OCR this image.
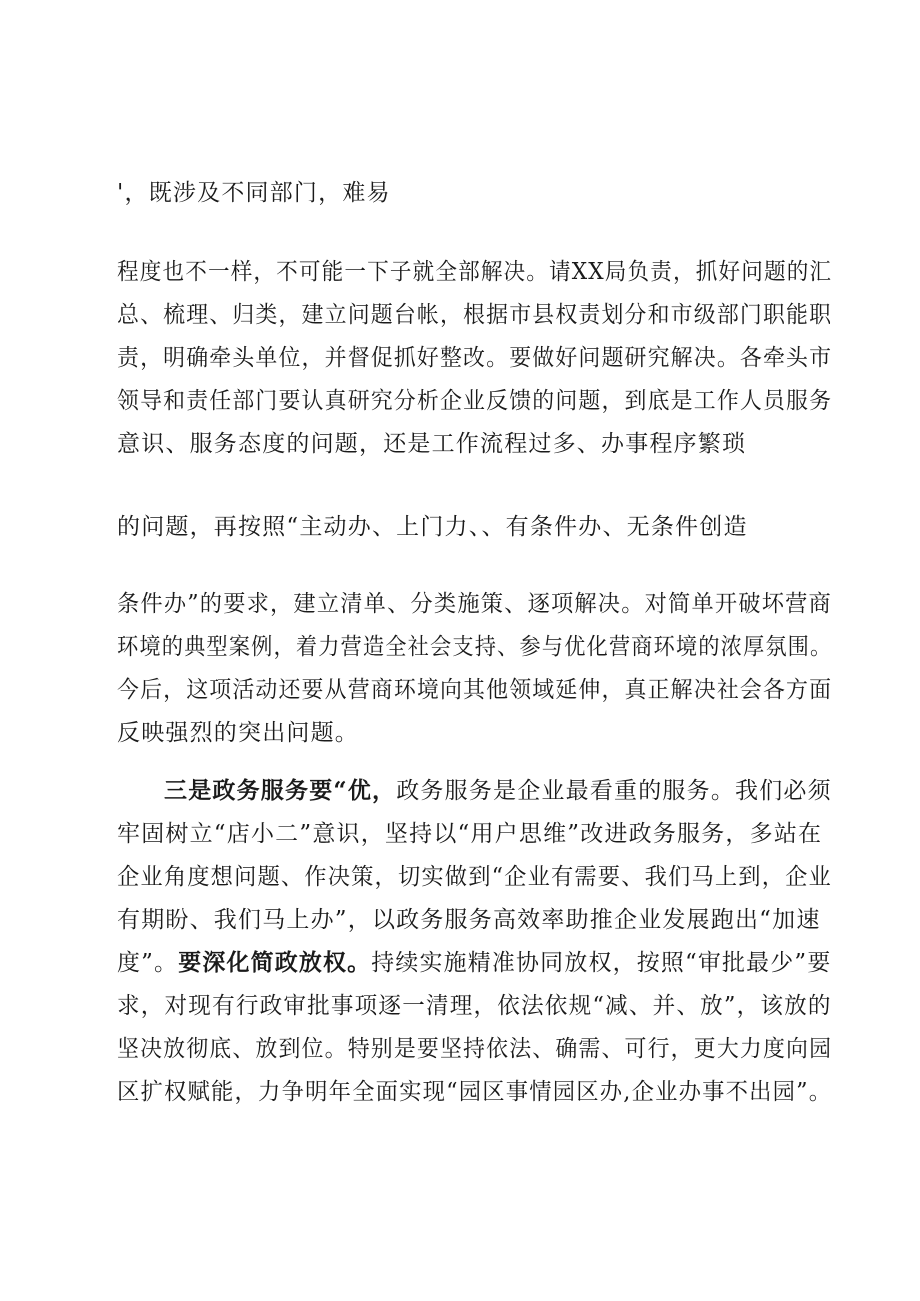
'，既涉及不同部门，难易

程度也不一样，不可能一下子就全部解决。请XX局负责，抓好问题的汇

总、梳理、归类，建立问题台帐，根据市县权责划分和市级部门职能职

责，明确牵头单位，并督促抓好整改。要做好问题研究解决。各牵头市

领导和责任部门要认真研究分析企业反馈的问题，到底是工作人员服务

意识、服务态度的问题，还是工作流程过多、办事程序繁琐

的问题，再按照“主动办、上门力、、有条件办、无条件创造

条件办”的要求，建立清单、分类施策、逐项解决。对简单开破坏营商

环境的典型案例，着力营造全社会支持、参与优化营商环境的浓厚氛围。

今后，这项活动还要从营商环境向其他领域延伸，真正解决社会各方面

反映强烈的突出问题。

三是政务服务要“优，政务服务是企业最看重的服务。我们必须

牢固树立“店小二”意识，坚持以“用户思维”改进政务服务，多站在

企业角度想问题、作决策，切实做到“企业有需要、我们马上到，企业

有期盼、我们马上办”，以政务服务高效率助推企业发展跑出“加速

度”。要深化简政放权。持续实施精准协同放权，按照“审批最少”要

求，对现有行政审批事项逐一清理，依法依规“减、并、放”，该放的

坚决放彻底、放到位。特别是要坚持依法、确需、可行，更大力度向园

区扩权赋能，力争明年全面实现“园区事情园区办,企业办事不出园”。
